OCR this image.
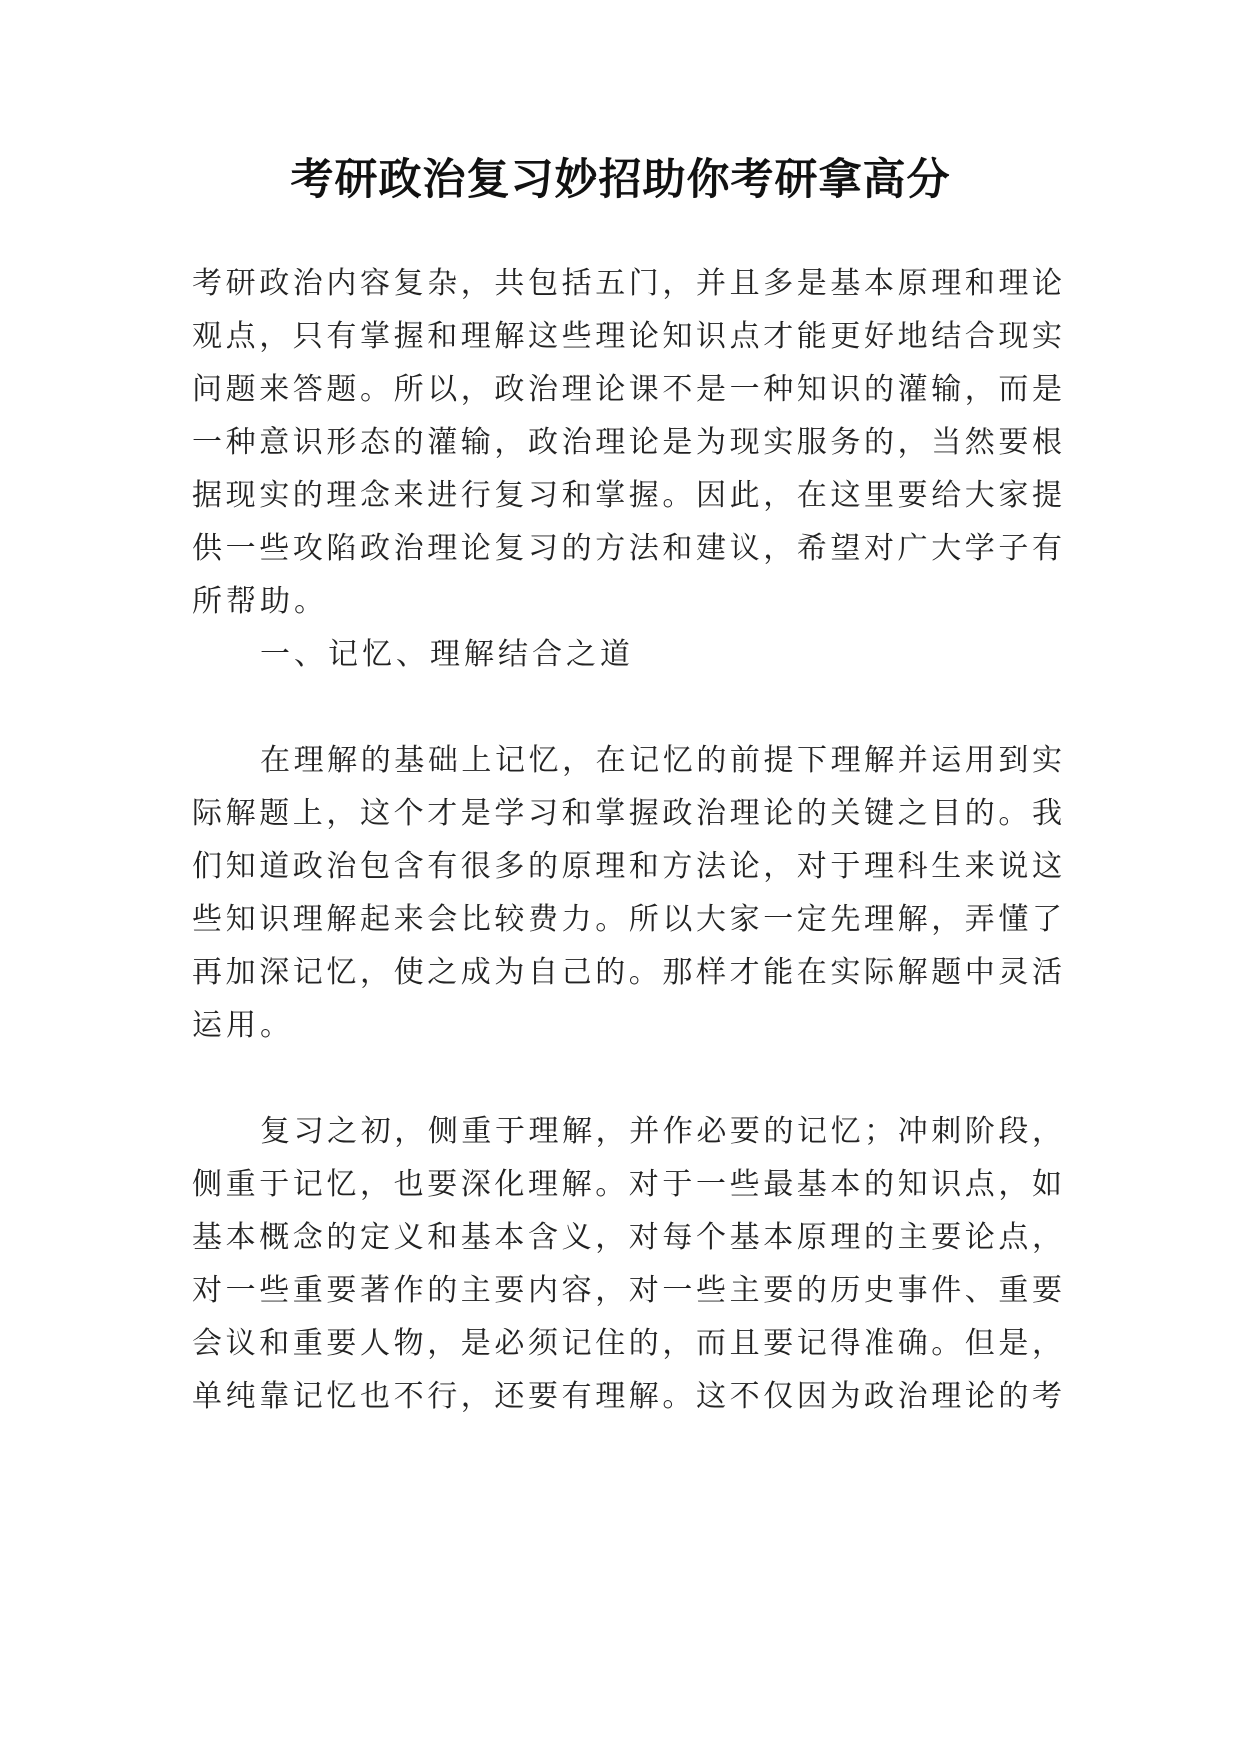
考研政治复习妙招助你考研拿高分

考研政治内容复杂，共包括五门，并且多是基本原理和理论

观点，只有掌握和理解这些理论知识点才能更好地结合现实

问题来答题。所以，政治理论课不是一种知识的灌输，而是

一种意识形态的灌输，政治理论是为现实服务的，当然要根

据现实的理念来进行复习和掌握。因此，在这里要给大家提

供一些攻陷政治理论复习的方法和建议，希望对广大学子有

所帮助。

一、记忆、理解结合之道

在理解的基础上记忆，在记忆的前提下理解并运用到实

际解题上，这个才是学习和掌握政治理论的关键之目的。我

们知道政治包含有很多的原理和方法论，对于理科生来说这

些知识理解起来会比较费力。所以大家一定先理解，弄懂了

再加深记忆，使之成为自己的。那样才能在实际解题中灵活

运用。

复习之初，侧重于理解，并作必要的记忆；冲刺阶段，

侧重于记忆，也要深化理解。对于一些最基本的知识点，如

基本概念的定义和基本含义，对每个基本原理的主要论点，

对一些重要著作的主要内容，对一些主要的历史事件、重要

会议和重要人物，是必须记住的，而且要记得准确。但是，

单纯靠记忆也不行，还要有理解。这不仅因为政治理论的考
